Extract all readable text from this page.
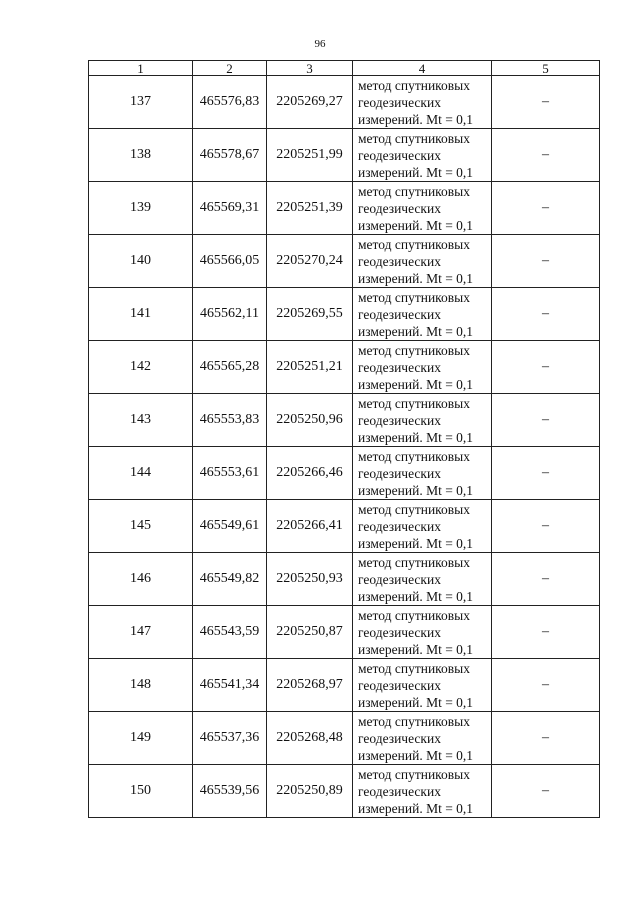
96
1	2	3	4	5
137	465576,83	2205269,27	метод спутниковых
геодезических
измерений. Mt = 0,1	–
138	465578,67	2205251,99	метод спутниковых
геодезических
измерений. Mt = 0,1	–
139	465569,31	2205251,39	метод спутниковых
геодезических
измерений. Mt = 0,1	–
140	465566,05	2205270,24	метод спутниковых
геодезических
измерений. Mt = 0,1	–
141	465562,11	2205269,55	метод спутниковых
геодезических
измерений. Mt = 0,1	–
142	465565,28	2205251,21	метод спутниковых
геодезических
измерений. Mt = 0,1	–
143	465553,83	2205250,96	метод спутниковых
геодезических
измерений. Mt = 0,1	–
144	465553,61	2205266,46	метод спутниковых
геодезических
измерений. Mt = 0,1	–
145	465549,61	2205266,41	метод спутниковых
геодезических
измерений. Mt = 0,1	–
146	465549,82	2205250,93	метод спутниковых
геодезических
измерений. Mt = 0,1	–
147	465543,59	2205250,87	метод спутниковых
геодезических
измерений. Mt = 0,1	–
148	465541,34	2205268,97	метод спутниковых
геодезических
измерений. Mt = 0,1	–
149	465537,36	2205268,48	метод спутниковых
геодезических
измерений. Mt = 0,1	–
150	465539,56	2205250,89	метод спутниковых
геодезических
измерений. Mt = 0,1	–
